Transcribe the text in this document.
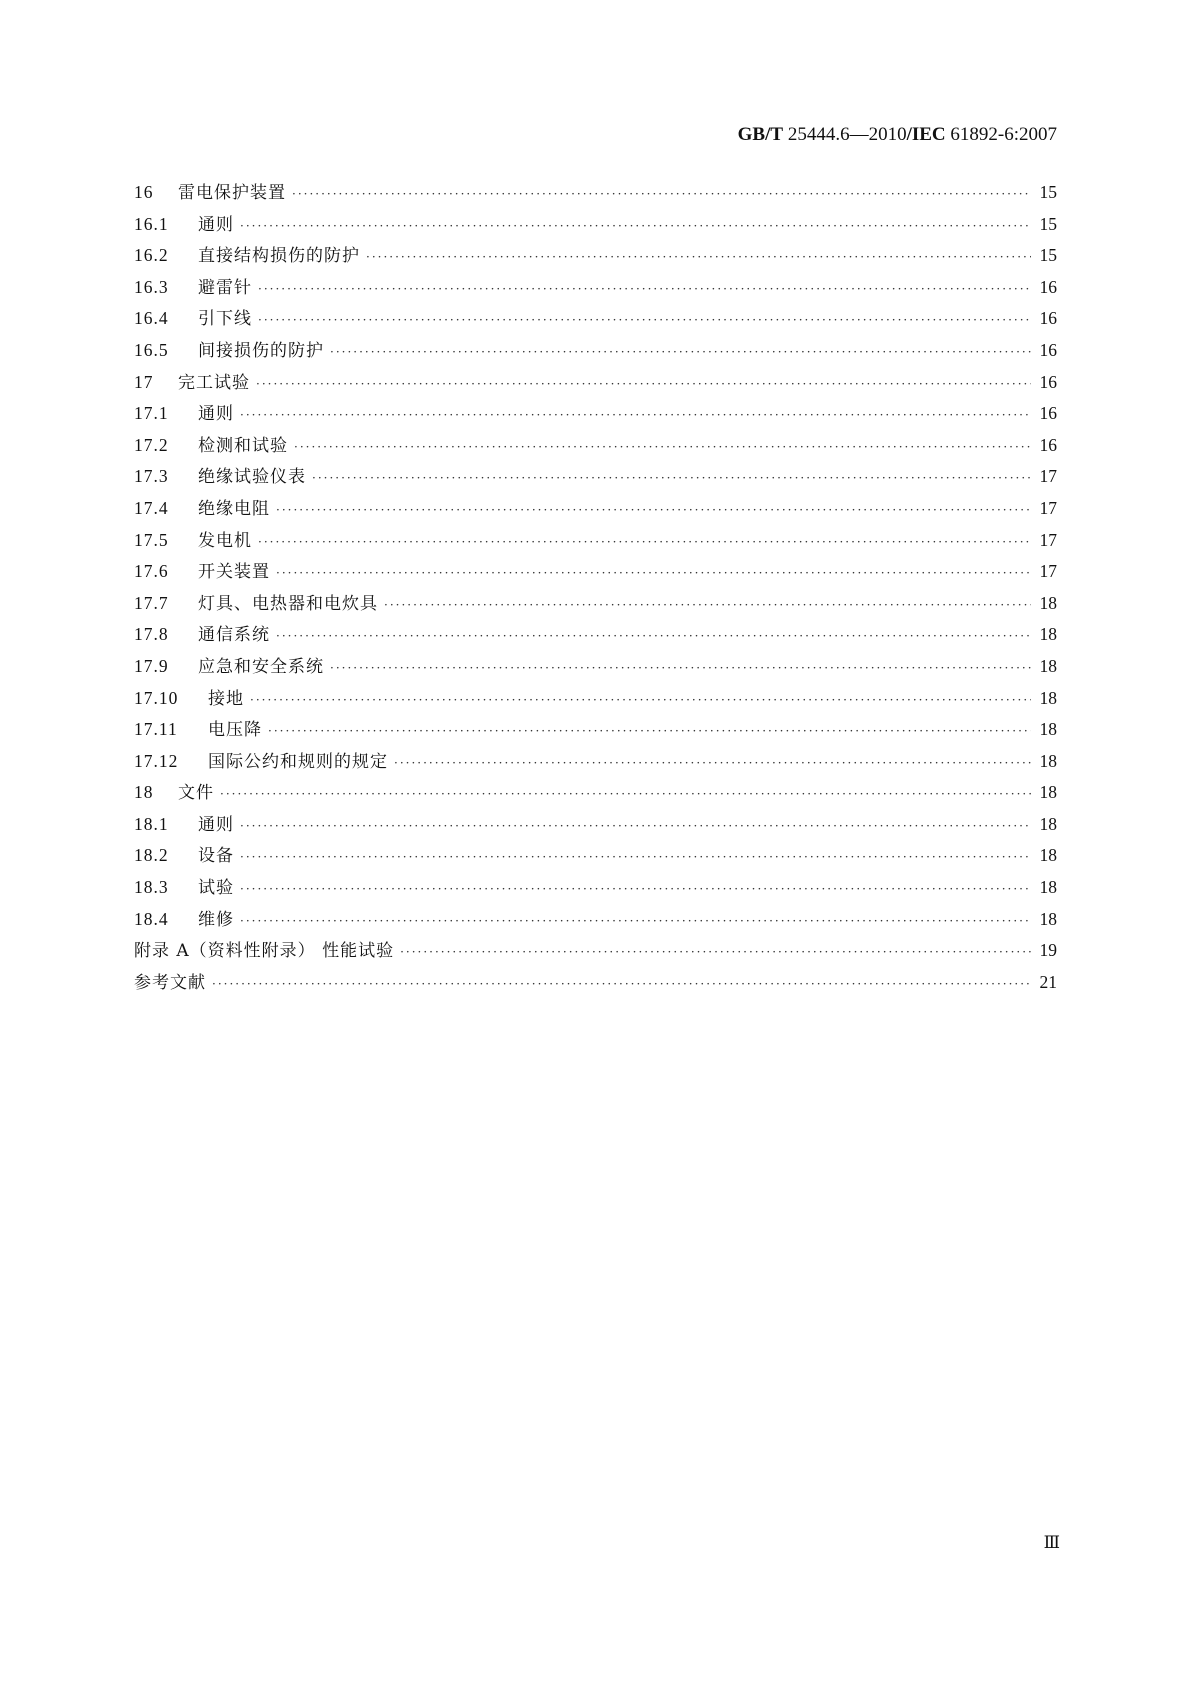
GB/T 25444.6—2010/IEC 61892-6:2007
16	雷电保护装置 ·····	15
16.1	通则 ·····	15
16.2	直接结构损伤的防护 ·····	15
16.3	避雷针 ·····	16
16.4	引下线 ·····	16
16.5	间接损伤的防护 ·····	16
17	完工试验 ·····	16
17.1	通则 ·····	16
17.2	检测和试验 ·····	16
17.3	绝缘试验仪表 ·····	17
17.4	绝缘电阻 ·····	17
17.5	发电机 ·····	17
17.6	开关装置 ·····	17
17.7	灯具、电热器和电炊具 ·····	18
17.8	通信系统 ·····	18
17.9	应急和安全系统 ·····	18
17.10	接地 ·····	18
17.11	电压降 ·····	18
17.12	国际公约和规则的规定 ·····	18
18	文件 ·····	18
18.1	通则 ·····	18
18.2	设备 ·····	18
18.3	试验 ·····	18
18.4	维修 ·····	18
附录 A（资料性附录） 性能试验 ·····	19
参考文献 ·····	21
Ⅲ
